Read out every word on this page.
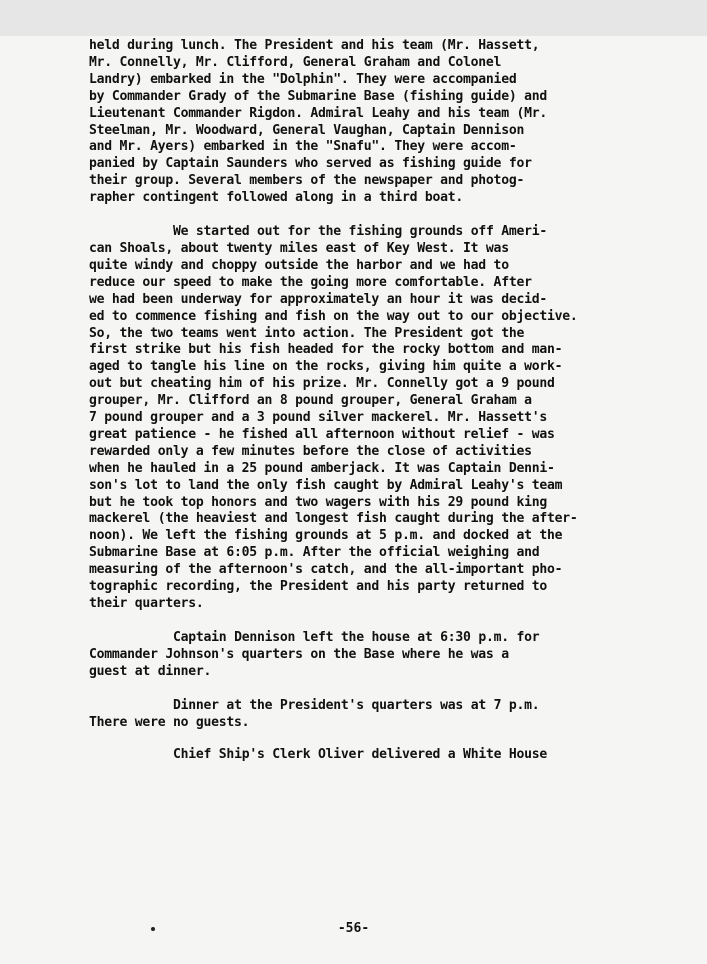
held during lunch. The President and his team (Mr. Hassett,
Mr. Connelly, Mr. Clifford, General Graham and Colonel
Landry) embarked in the "Dolphin". They were accompanied
by Commander Grady of the Submarine Base (fishing guide) and
Lieutenant Commander Rigdon. Admiral Leahy and his team (Mr.
Steelman, Mr. Woodward, General Vaughan, Captain Dennison
and Mr. Ayers) embarked in the "Snafu". They were accom-
panied by Captain Saunders who served as fishing guide for
their group. Several members of the newspaper and photog-
rapher contingent followed along in a third boat.
We started out for the fishing grounds off Ameri-
can Shoals, about twenty miles east of Key West. It was
quite windy and choppy outside the harbor and we had to
reduce our speed to make the going more comfortable. After
we had been underway for approximately an hour it was decid-
ed to commence fishing and fish on the way out to our objective.
So, the two teams went into action. The President got the
first strike but his fish headed for the rocky bottom and man-
aged to tangle his line on the rocks, giving him quite a work-
out but cheating him of his prize. Mr. Connelly got a 9 pound
grouper, Mr. Clifford an 8 pound grouper, General Graham a
7 pound grouper and a 3 pound silver mackerel. Mr. Hassett's
great patience - he fished all afternoon without relief - was
rewarded only a few minutes before the close of activities
when he hauled in a 25 pound amberjack. It was Captain Denni-
son's lot to land the only fish caught by Admiral Leahy's team
but he took top honors and two wagers with his 29 pound king
mackerel (the heaviest and longest fish caught during the after-
noon). We left the fishing grounds at 5 p.m. and docked at the
Submarine Base at 6:05 p.m. After the official weighing and
measuring of the afternoon's catch, and the all-important pho-
tographic recording, the President and his party returned to
their quarters.
Captain Dennison left the house at 6:30 p.m. for
Commander Johnson's quarters on the Base where he was a
guest at dinner.
Dinner at the President's quarters was at 7 p.m.
There were no guests.
Chief Ship's Clerk Oliver delivered a White House
-56-
